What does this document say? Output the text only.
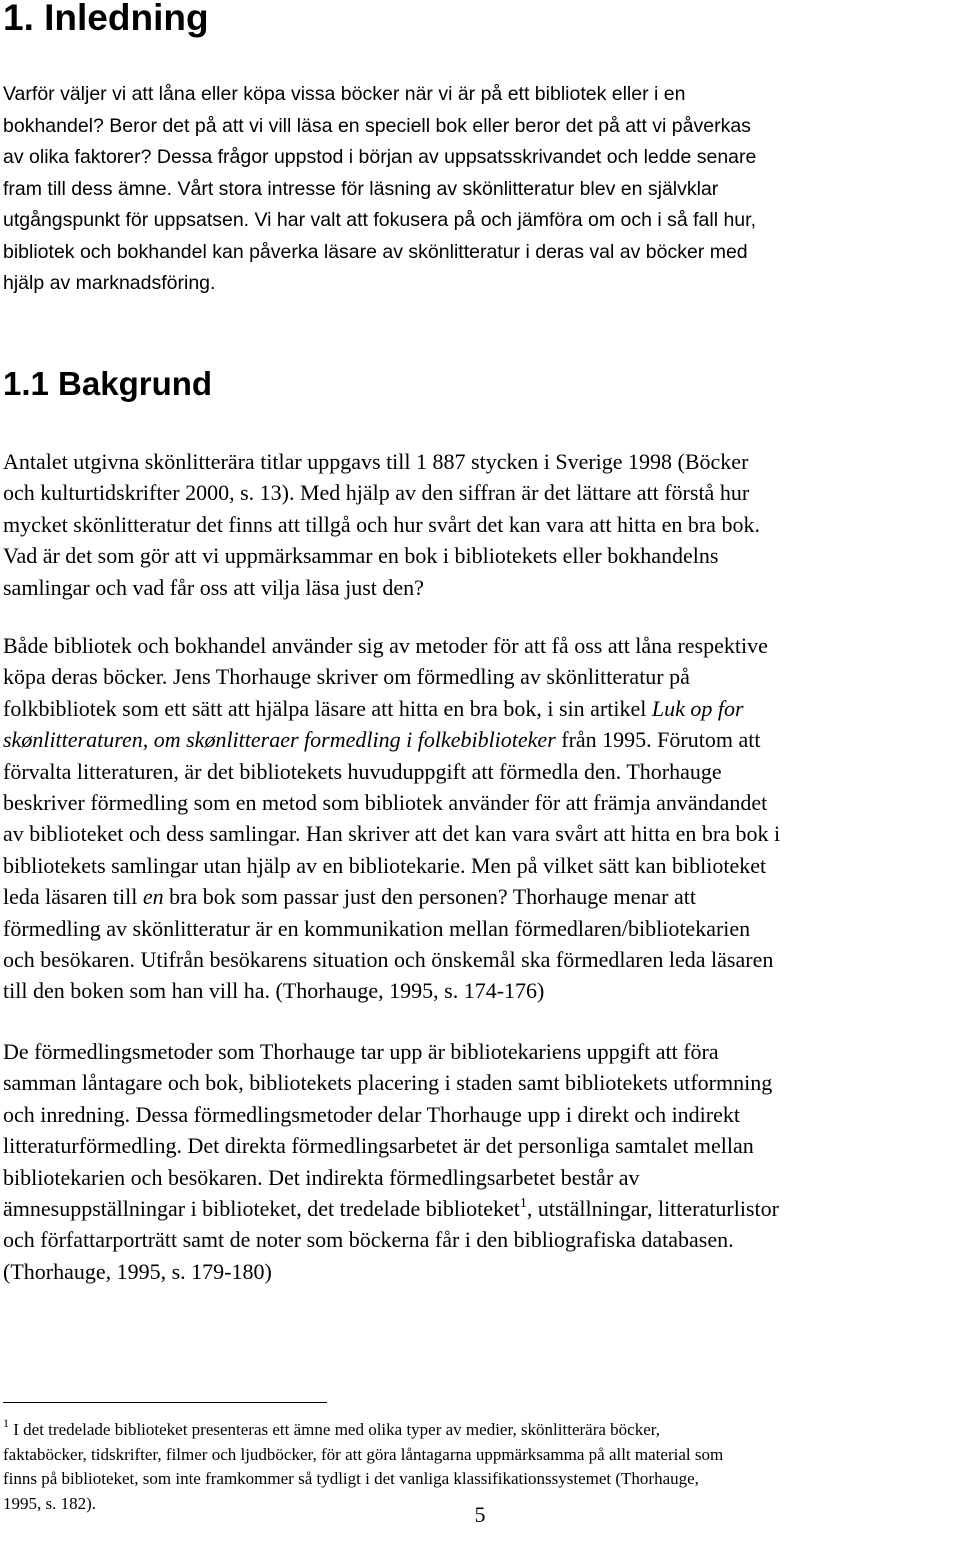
1. Inledning
Varför väljer vi att låna eller köpa vissa böcker när vi är på ett bibliotek eller i en
bokhandel? Beror det på att vi vill läsa en speciell bok eller beror det på att vi påverkas
av olika faktorer? Dessa frågor uppstod i början av uppsatsskrivandet och ledde senare
fram till dess ämne. Vårt stora intresse för läsning av skönlitteratur blev en självklar
utgångspunkt för uppsatsen. Vi har valt att fokusera på och jämföra om och i så fall hur,
bibliotek och bokhandel kan påverka läsare av skönlitteratur i deras val av böcker med
hjälp av marknadsföring.
1.1 Bakgrund
Antalet utgivna skönlitterära titlar uppgavs till 1 887 stycken i Sverige 1998 (Böcker
och kulturtidskrifter 2000, s. 13). Med hjälp av den siffran är det lättare att förstå hur
mycket skönlitteratur det finns att tillgå och hur svårt det kan vara att hitta en bra bok.
Vad är det som gör att vi uppmärksammar en bok i bibliotekets eller bokhandelns
samlingar och vad får oss att vilja läsa just den?
Både bibliotek och bokhandel använder sig av metoder för att få oss att låna respektive
köpa deras böcker. Jens Thorhauge skriver om förmedling av skönlitteratur på
folkbibliotek som ett sätt att hjälpa läsare att hitta en bra bok, i sin artikel Luk op for
skønlitteraturen, om skønlitteraer formedling i folkebiblioteker från 1995. Förutom att
förvalta litteraturen, är det bibliotekets huvuduppgift att förmedla den. Thorhauge
beskriver förmedling som en metod som bibliotek använder för att främja användandet
av biblioteket och dess samlingar. Han skriver att det kan vara svårt att hitta en bra bok i
bibliotekets samlingar utan hjälp av en bibliotekarie. Men på vilket sätt kan biblioteket
leda läsaren till en bra bok som passar just den personen? Thorhauge menar att
förmedling av skönlitteratur är en kommunikation mellan förmedlaren/bibliotekarien
och besökaren. Utifrån besökarens situation och önskemål ska förmedlaren leda läsaren
till den boken som han vill ha. (Thorhauge, 1995, s. 174-176)
De förmedlingsmetoder som Thorhauge tar upp är bibliotekariens uppgift att föra
samman låntagare och bok, bibliotekets placering i staden samt bibliotekets utformning
och inredning. Dessa förmedlingsmetoder delar Thorhauge upp i direkt och indirekt
litteraturförmedling. Det direkta förmedlingsarbetet är det personliga samtalet mellan
bibliotekarien och besökaren. Det indirekta förmedlingsarbetet består av
ämnesuppställningar i biblioteket, det tredelade biblioteket$^1$, utställningar, litteraturlistor
och författarporträtt samt de noter som böckerna får i den bibliografiska databasen.
(Thorhauge, 1995, s. 179-180)
$^1$ I det tredelade biblioteket presenteras ett ämne med olika typer av medier, skönlitterära böcker,
faktaböcker, tidskrifter, filmer och ljudböcker, för att göra låntagarna uppmärksamma på allt material som
finns på biblioteket, som inte framkommer så tydligt i det vanliga klassifikationssystemet (Thorhauge,
1995, s. 182).	5
